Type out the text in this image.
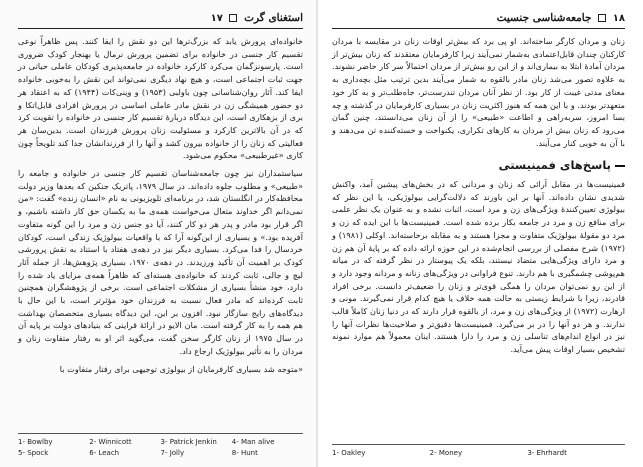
استغنای گرت  ۱۷

خانواده‌ای پرورش یابد که بزرگ‌ترها این دو نقش را ایفا کنند. پس ظاهراً نوعی تقسیم کار جنسی در خانواده برای تضمین پرورش نرمال یا بهنجار کودک ضروری است. پارسونز‌گمان می‌کرد کارکرد خانواده در جامعه‌پذیری کودکان عاملی حیاتی در جهت ثبات اجتماعی است، و هیچ نهاد دیگری نمی‌تواند این نقش را به‌خوبی خانواده ایفا کند. آثار روان‌شناسانی چون باولبی (۱۹۵۳) و وینی‌کات (۱۹۴۴) که به اعتقاد هر دو حضور همیشگی زن در نقش مادر عاملی اساسی در پرورش افرادی قابل‌اتکا و بری از بزهکاری است، این دیدگاه دربارهٔ تقسیم کار جنسی در خانواده را تقویت کرد که در آن بالاترین کارکرد و مسئولیت زنان پرورش فرزندان است. بدین‌سان هر فعالیتی که زنان را از خانواده بیرون کشد و آنها را از فرزندانشان جدا کند تلویحاً چون کاری «غیرطبیعی» محکوم می‌شود.

سیاستمداران نیز چون جامعه‌شناسان تقسیم کار جنسی در خانواده و جامعه را «طبیعی» و مطلوب جلوه داده‌اند. در سال ۱۹۷۹، پاتریک جنکین که بعدها وزیر دولت محافظه‌کار در انگلستان شد، در برنامه‌ای تلویزیونی به نام «انسان زنده» گفت: «من نمی‌دانم اگر خداوند متعال می‌خواست همه‌ی ما به یکسان حق کار داشته باشیم، و اگر قرار بود مادر و پدر هر دو کار کنند، آیا دو جنس زن و مرد را این گونه متفاوت آفریده بود.» و بسیاری از این‌گونه آرا که با واقعیات بیولوژیک زندگی است، کودکان خردسال را فدا می‌کرد. بسیاری دیگر نیز در دهه‌ی هفتاد با استناد به نقش پرورشی کودک بر اهمیت آن تأکید ورزیدند. در دهه‌ی ۱۹۷۰، بسیاری پژوهش‌ها، از جمله آثار لیچ و جالی، ثابت کردند که خانواده‌ی هسته‌ای که ظاهراً همه‌ی مزایای یاد شده را دارد، خود منشأ بسیاری از مشکلات اجتماعی است. برخی از پژوهشگران همچنین ثابت کرده‌اند که مادر فعال نسبت به فرزندان خود مؤثرتر است، با این حال با دیدگاه‌های رایج سازگار نبود. افزون بر این، این دیدگاه بسیاری متخصصان بهداشت هم همه را به کار گرفته است. مان الایو در ارائهٔ قراینی که بنیادهای دولت بر پایه آن در سال ۱۹۷۵ از زنان کارگر سخن گفت، می‌گوید اثر او به رفتار متفاوت زنان و مردان را به تأثیر بیولوژیک ارجاع داد.

«متوجه شد بسیاری کارفرمایان از بیولوژی توجیهی برای رفتار متفاوت با

1- Bowlby	2- Winnicott	3- Patrick Jenkin	4- Man alive
5- Spock	6- Leach	7- Jolly	8- Hunt
۱۸  جامعه‌شناسی جنسیت

زنان و مردان کارگر ساخته‌اند. او پی برد که بیش‌تر اوقات زنان در مقایسه با مردان کارکنان چندان قابل‌اعتمادی به‌شمار نمی‌آیند زیرا کارفرمایان معتقدند که زنان بیش‌تر از مردان آمادهٔ ابتلا به بیماری‌اند و از این رو بیش‌تر از مردان احتمالاً سر کار حاضر نشوند. به علاوه تصور می‌شد زنان مادر بالقوه به شمار می‌آیند بدین ترتیب مثل بچه‌داری به معنای مدتی غیبت از کار بود. از نظر آنان مردان تندرست‌تر، جاه‌طلب‌تر و به کار خود متعهدتر بودند. و با این همه که هنوز اکثریت زنان در بسیاری کارفرمایان در گذشته و چه بسا امروز، سربه‌راهی و اطاعت «طبیعی» را از آن زنان می‌دانستند، چنین گمان می‌رود که زنان بیش از مردان به کارهای تکراری، یکنواخت و خسته‌کننده تن می‌دهند و با آن به خوبی کنار می‌آیند.

پاسخ‌های فمینیستی

فمینیست‌ها در مقابل آرائی که زنان و مردانی که در بخش‌های پیشین آمد، واکنش شدیدی نشان داده‌اند. آنها بر این باورند که دلالت‌گرایی بیولوژیکی، یا این نظر که بیولوژی تعیین‌کنندهٔ ویژگی‌های زن و مرد است، اثبات نشده و به عنوان یک نظر علمی برای منافع زن و مرد در جامعه بکار برده شده است. فمینیست‌ها با این ایده که زن و مرد دو مقولهٔ بیولوژیک متفاوت و مجزا هستند و به مقابله برخاسته‌اند. اوکلی (۱۹۸۱) و (۱۹۷۲) شرح مفصلی از بررسی انجام‌شده در این حوزه ارائه داده که بر پایهٔ آن هم زن و مرد دارای ویژگی‌هایی متضاد نیستند، بلکه یک پیوستار در نظر گرفته که در میانه هم‌پوشی چشمگیری با هم دارند. تنوع فراوانی در ویژگی‌های زنانه و مردانه وجود دارد و از این رو نمی‌توان مردان را همگی قوی‌تر و زنان را ضعیف‌تر دانست. برخی افراد قادرند، زیرا با شرایط زیستی به حالت همه خلاف یا هیچ کدام قرار نمی‌گیرند. مونی و ارهارت (۱۹۷۲) از ویژگی‌های زن و مرد، از بالقوه قرار دارند که در دنیا زنان کاملاً قالب ندارند. و هر دو آنها را در بر می‌گیرد. فمینیست‌ها دقیق‌تر و صلاحیت‌ها نظرات آنها را نیز در انواع اندام‌های تناسلی زن و مرد را دارا هستند. اینان معمولاً هم موارد نمونه تشخیص بسیار اوقات پیش می‌آید.

1- Oakley	2- Money	3- Ehrhardt
